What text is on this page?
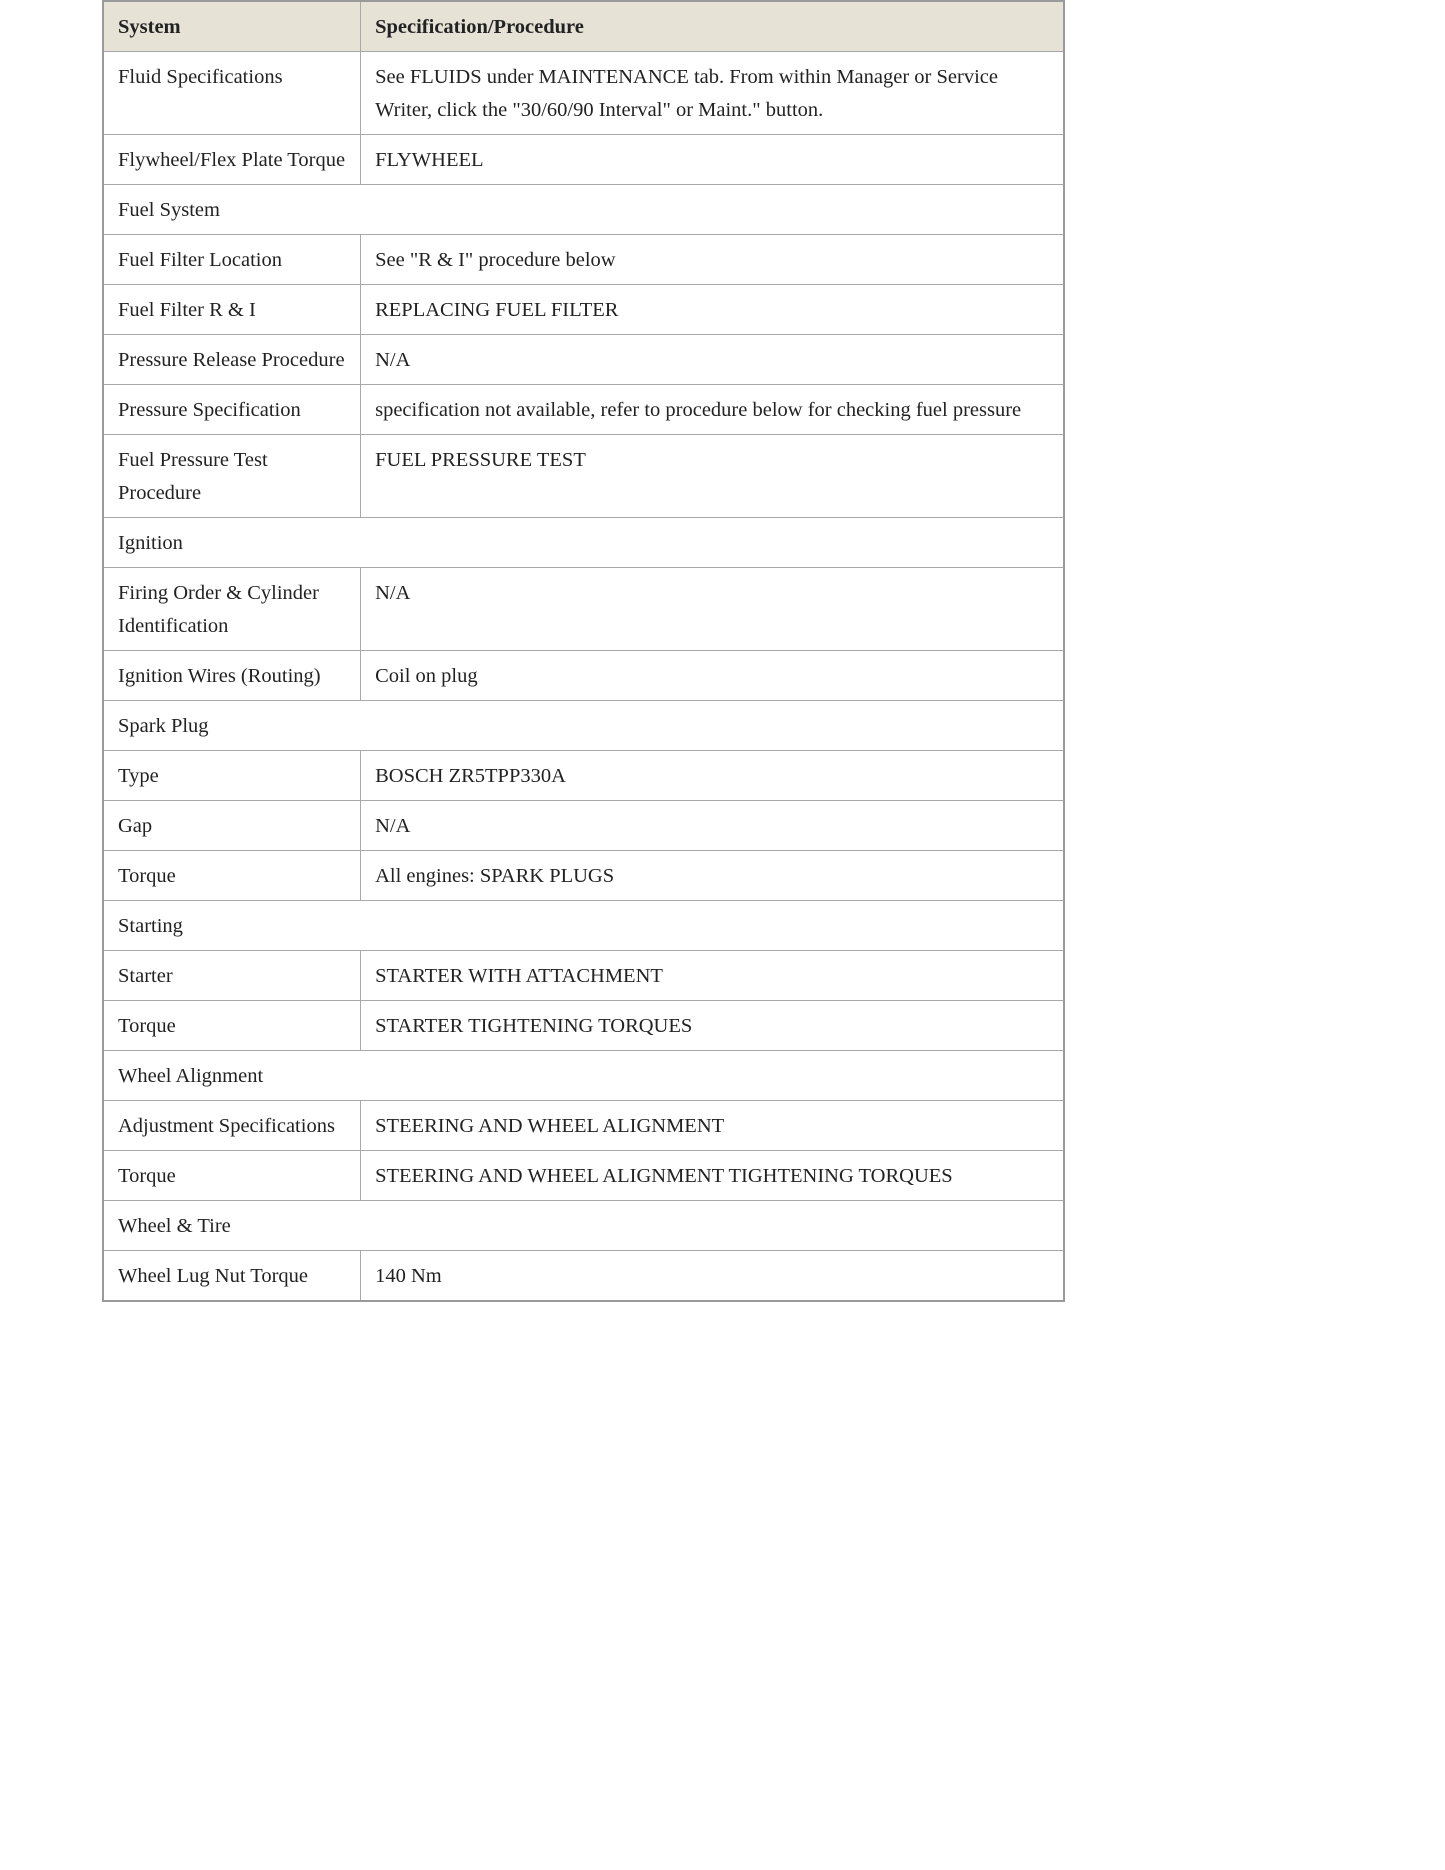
System	Specification/Procedure
Fluid Specifications	See FLUIDS under MAINTENANCE tab. From within Manager or Service Writer, click the "30/60/90 Interval" or Maint." button.
Flywheel/Flex Plate Torque	FLYWHEEL
Fuel System	
Fuel Filter Location	See "R & I" procedure below
Fuel Filter R & I	REPLACING FUEL FILTER
Pressure Release Procedure	N/A
Pressure Specification	specification not available, refer to procedure below for checking fuel pressure
Fuel Pressure Test Procedure	FUEL PRESSURE TEST
Ignition	
Firing Order & Cylinder Identification	N/A
Ignition Wires (Routing)	Coil on plug
Spark Plug	
Type	BOSCH ZR5TPP330A
Gap	N/A
Torque	All engines: SPARK PLUGS
Starting	
Starter	STARTER WITH ATTACHMENT
Torque	STARTER TIGHTENING TORQUES
Wheel Alignment	
Adjustment Specifications	STEERING AND WHEEL ALIGNMENT
Torque	STEERING AND WHEEL ALIGNMENT TIGHTENING TORQUES
Wheel & Tire	
Wheel Lug Nut Torque	140 Nm
